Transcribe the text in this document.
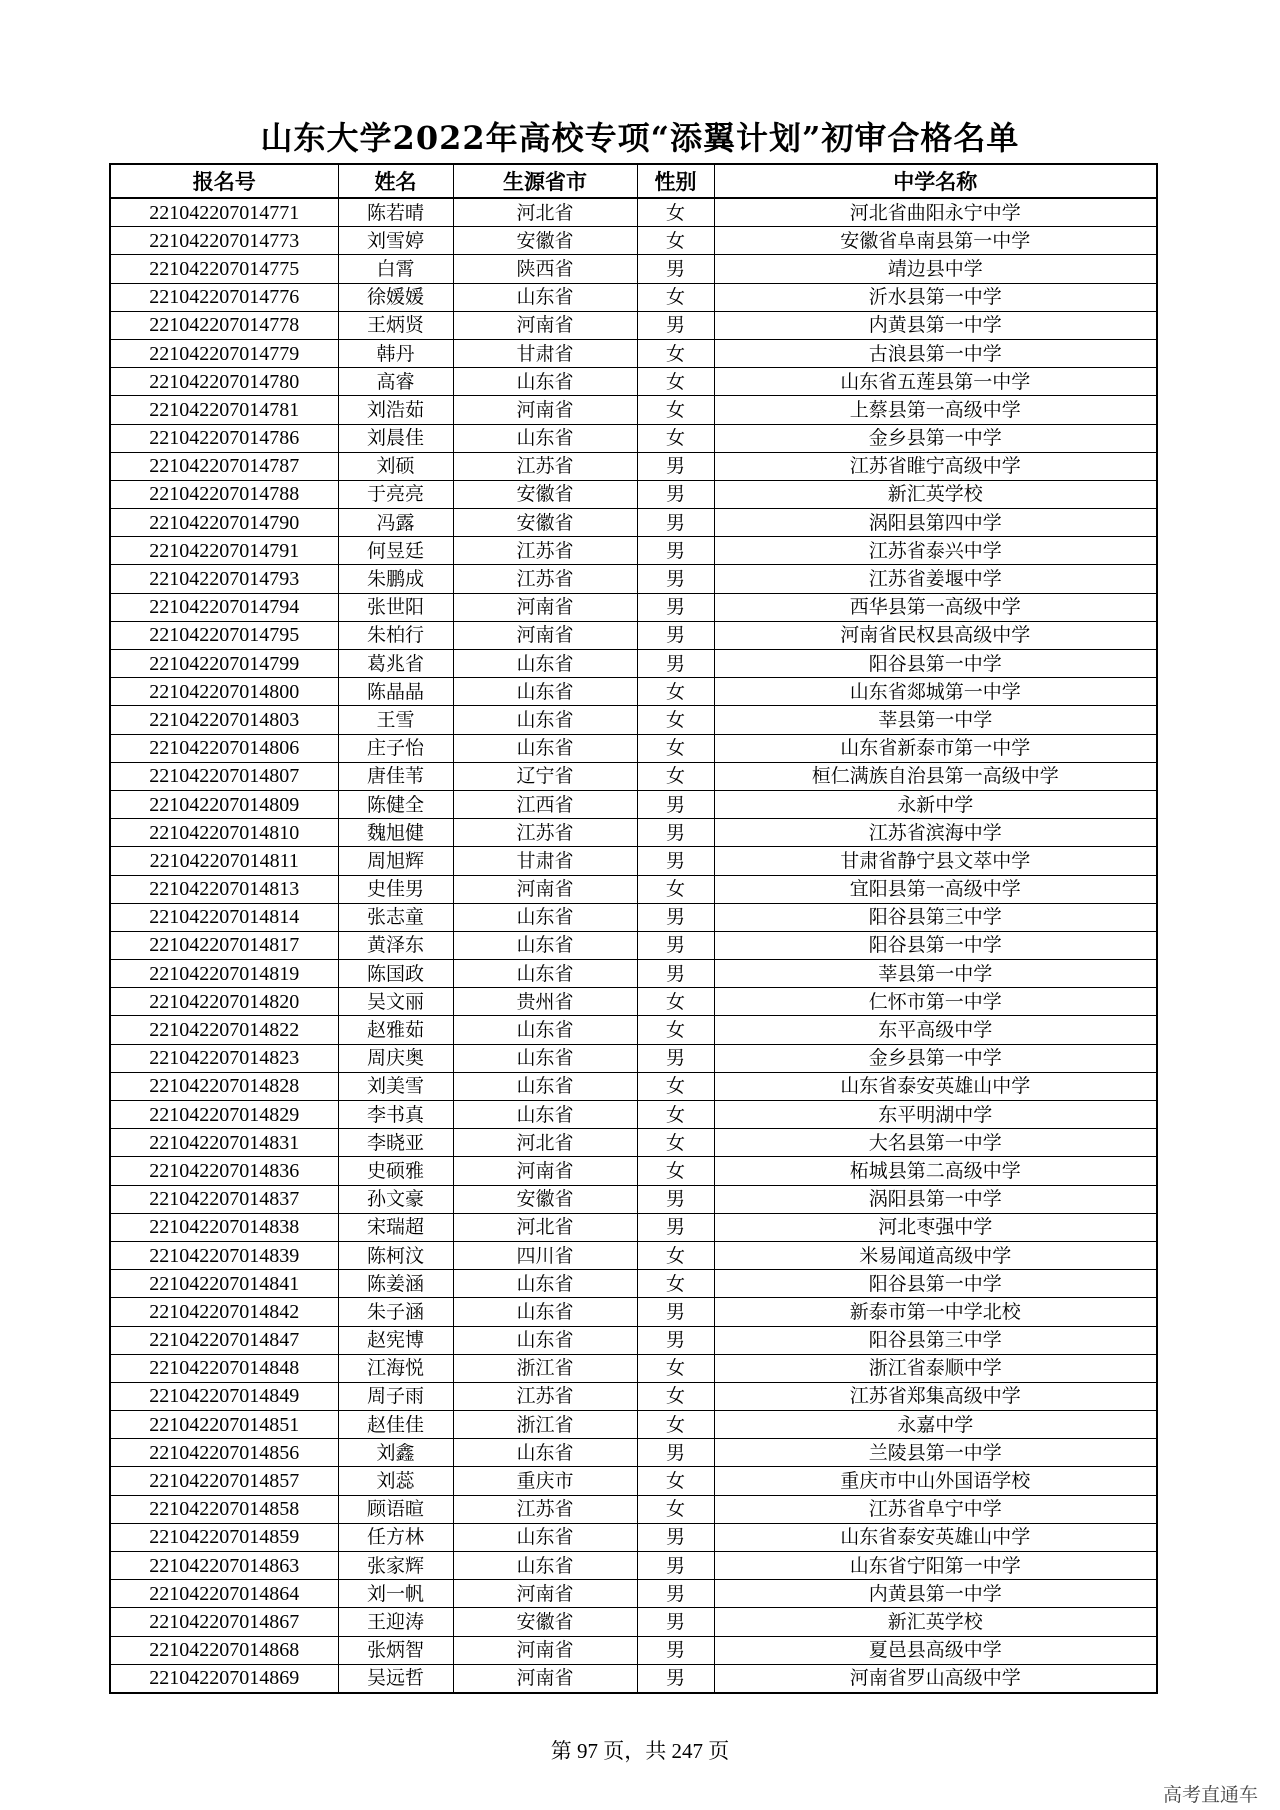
山东大学2022年高校专项“添翼计划”初审合格名单
报名号	姓名	生源省市	性别	中学名称
221042207014771	陈若晴	河北省	女	河北省曲阳永宁中学
221042207014773	刘雪婷	安徽省	女	安徽省阜南县第一中学
221042207014775	白霄	陕西省	男	靖边县中学
221042207014776	徐媛媛	山东省	女	沂水县第一中学
221042207014778	王炳贤	河南省	男	内黄县第一中学
221042207014779	韩丹	甘肃省	女	古浪县第一中学
221042207014780	高睿	山东省	女	山东省五莲县第一中学
221042207014781	刘浩茹	河南省	女	上蔡县第一高级中学
221042207014786	刘晨佳	山东省	女	金乡县第一中学
221042207014787	刘硕	江苏省	男	江苏省睢宁高级中学
221042207014788	于亮亮	安徽省	男	新汇英学校
221042207014790	冯露	安徽省	男	涡阳县第四中学
221042207014791	何昱廷	江苏省	男	江苏省泰兴中学
221042207014793	朱鹏成	江苏省	男	江苏省姜堰中学
221042207014794	张世阳	河南省	男	西华县第一高级中学
221042207014795	朱柏行	河南省	男	河南省民权县高级中学
221042207014799	葛兆省	山东省	男	阳谷县第一中学
221042207014800	陈晶晶	山东省	女	山东省郯城第一中学
221042207014803	王雪	山东省	女	莘县第一中学
221042207014806	庄子怡	山东省	女	山东省新泰市第一中学
221042207014807	唐佳苇	辽宁省	女	桓仁满族自治县第一高级中学
221042207014809	陈健全	江西省	男	永新中学
221042207014810	魏旭健	江苏省	男	江苏省滨海中学
221042207014811	周旭辉	甘肃省	男	甘肃省静宁县文萃中学
221042207014813	史佳男	河南省	女	宜阳县第一高级中学
221042207014814	张志童	山东省	男	阳谷县第三中学
221042207014817	黄泽东	山东省	男	阳谷县第一中学
221042207014819	陈国政	山东省	男	莘县第一中学
221042207014820	吴文丽	贵州省	女	仁怀市第一中学
221042207014822	赵雅茹	山东省	女	东平高级中学
221042207014823	周庆奥	山东省	男	金乡县第一中学
221042207014828	刘美雪	山东省	女	山东省泰安英雄山中学
221042207014829	李书真	山东省	女	东平明湖中学
221042207014831	李晓亚	河北省	女	大名县第一中学
221042207014836	史硕雅	河南省	女	柘城县第二高级中学
221042207014837	孙文豪	安徽省	男	涡阳县第一中学
221042207014838	宋瑞超	河北省	男	河北枣强中学
221042207014839	陈柯汶	四川省	女	米易闻道高级中学
221042207014841	陈姜涵	山东省	女	阳谷县第一中学
221042207014842	朱子涵	山东省	男	新泰市第一中学北校
221042207014847	赵宪博	山东省	男	阳谷县第三中学
221042207014848	江海悦	浙江省	女	浙江省泰顺中学
221042207014849	周子雨	江苏省	女	江苏省郑集高级中学
221042207014851	赵佳佳	浙江省	女	永嘉中学
221042207014856	刘鑫	山东省	男	兰陵县第一中学
221042207014857	刘蕊	重庆市	女	重庆市中山外国语学校
221042207014858	顾语暄	江苏省	女	江苏省阜宁中学
221042207014859	任方林	山东省	男	山东省泰安英雄山中学
221042207014863	张家辉	山东省	男	山东省宁阳第一中学
221042207014864	刘一帆	河南省	男	内黄县第一中学
221042207014867	王迎涛	安徽省	男	新汇英学校
221042207014868	张炳智	河南省	男	夏邑县高级中学
221042207014869	吴远哲	河南省	男	河南省罗山高级中学
第 97 页，共 247 页
高考直通车
